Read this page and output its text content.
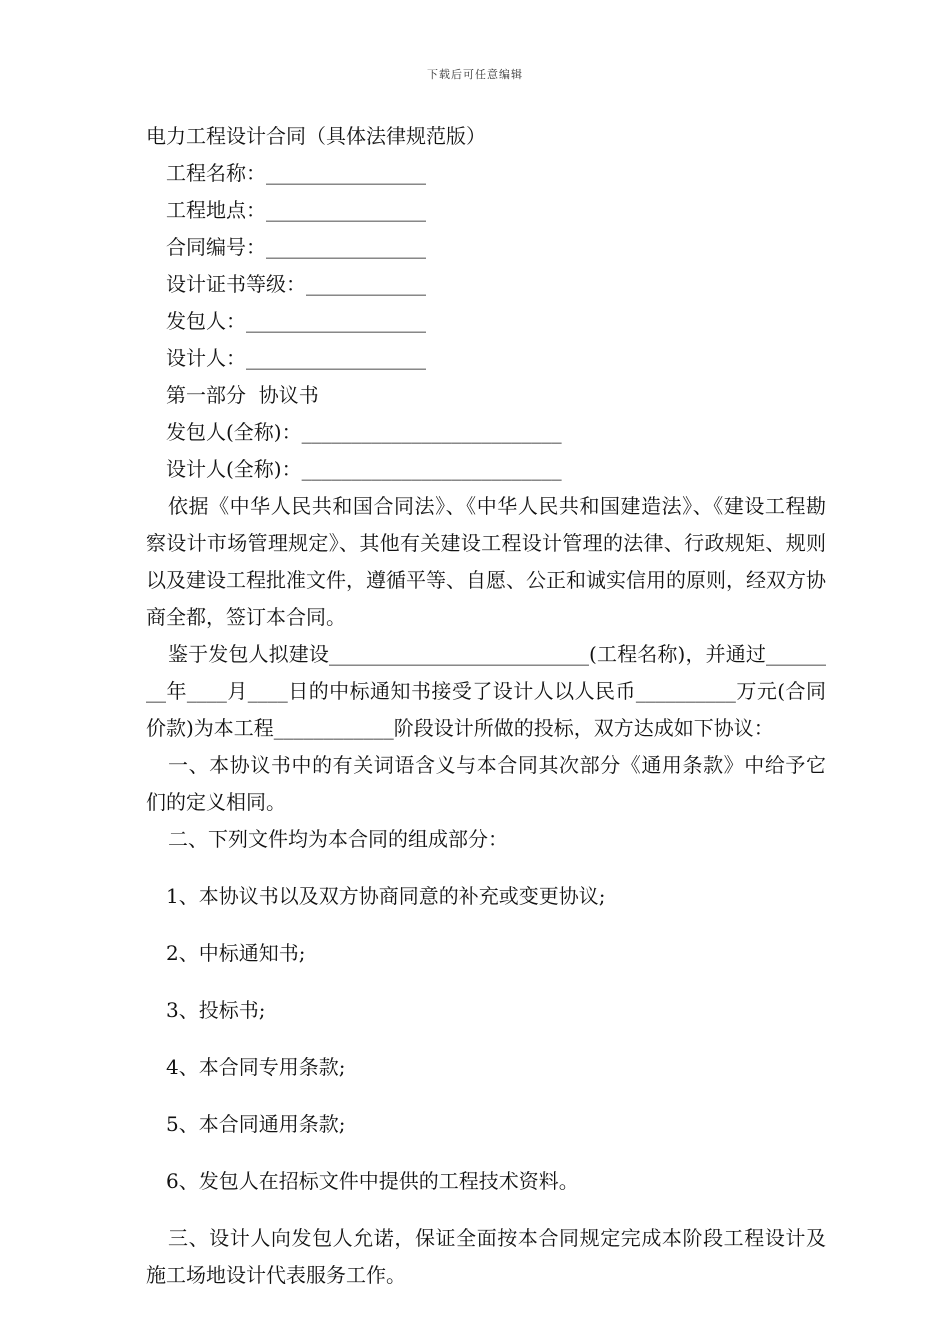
下载后可任意编辑

电力工程设计合同（具体法律规范版）

工程名称：________________

工程地点：________________

合同编号：________________

设计证书等级：____________

发包人：__________________

设计人：__________________

第一部分  协议书

发包人(全称)：__________________________

设计人(全称)：__________________________

依据《中华人民共和国合同法》、《中华人民共和国建造法》、《建设工程勘察设计市场管理规定》、其他有关建设工程设计管理的法律、行政规矩、规则以及建设工程批准文件，遵循平等、自愿、公正和诚实信用的原则，经双方协商全都，签订本合同。

鉴于发包人拟建设__________________________(工程名称)，并通过________年____月____日的中标通知书接受了设计人以人民币__________万元(合同价款)为本工程____________阶段设计所做的投标，双方达成如下协议：

一、本协议书中的有关词语含义与本合同其次部分《通用条款》中给予它们的定义相同。

二、下列文件均为本合同的组成部分：

1、本协议书以及双方协商同意的补充或变更协议;

2、中标通知书;

3、投标书;

4、本合同专用条款;

5、本合同通用条款;

6、发包人在招标文件中提供的工程技术资料。

三、设计人向发包人允诺，保证全面按本合同规定完成本阶段工程设计及施工场地设计代表服务工作。
